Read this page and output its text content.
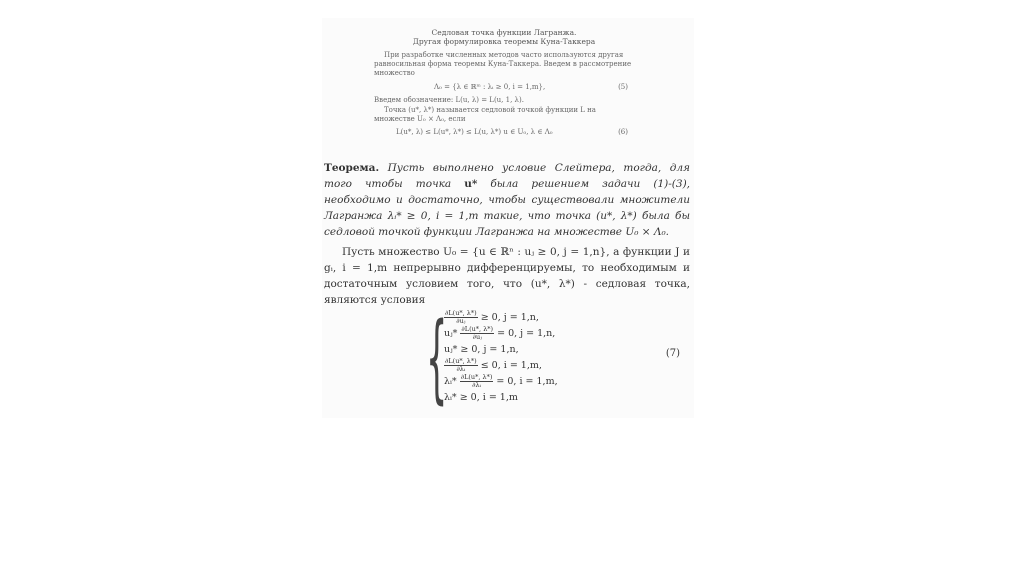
Седловая точка функции Лагранжа.
Другая формулировка теоремы Куна-Таккера
При разработке численных методов часто используются другая равносильная форма теоремы Куна-Таккера. Введем в рассмотрение множество
Λ₀ = {λ ∈ ℝᵐ : λᵢ ≥ 0, i = 1,m},	(5)
Введем обозначение: L(u, λ) = L(u, 1, λ).
Точка (u*, λ*) называется седловой точкой функции L на множестве U₀ × Λ₀, если
L(u*, λ) ≤ L(u*, λ*) ≤ L(u, λ*) u ∈ U₀, λ ∈ Λ₀	(6)
Теорема. Пусть выполнено условие Слейтера, тогда, для того чтобы точка u* была решением задачи (1)-(3), необходимо и достаточно, чтобы существовали множители Лагранжа λᵢ* ≥ 0, i = 1,m такие, что точка (u*, λ*) была бы седловой точкой функции Лагранжа на множестве U₀ × Λ₀.
Пусть множество U₀ = {u ∈ ℝⁿ : uⱼ ≥ 0, j = 1,n}, а функции J и gᵢ, i = 1,m непрерывно дифференцируемы, то необходимым и достаточным условием того, что (u*, λ*) - седловая точка, являются условия
{
$\frac{\partial L(u*, \lambda*)}{\text{∂uⱼ}} \ge 0$, j = 1,n,
uⱼ* $\frac{\partial L(u*, \lambda*)}{\text{∂uⱼ}} = 0$, j = 1,n,
uⱼ* ≥ 0, j = 1,n,
$\frac{\partial L(u*, \lambda*)}{\text{∂λᵢ}} \le 0$, i = 1,m,
λᵢ* $\frac{\partial L(u*, \lambda*)}{\text{∂λᵢ}} = 0$, i = 1,m,
λᵢ* ≥ 0, i = 1,m
(7)
